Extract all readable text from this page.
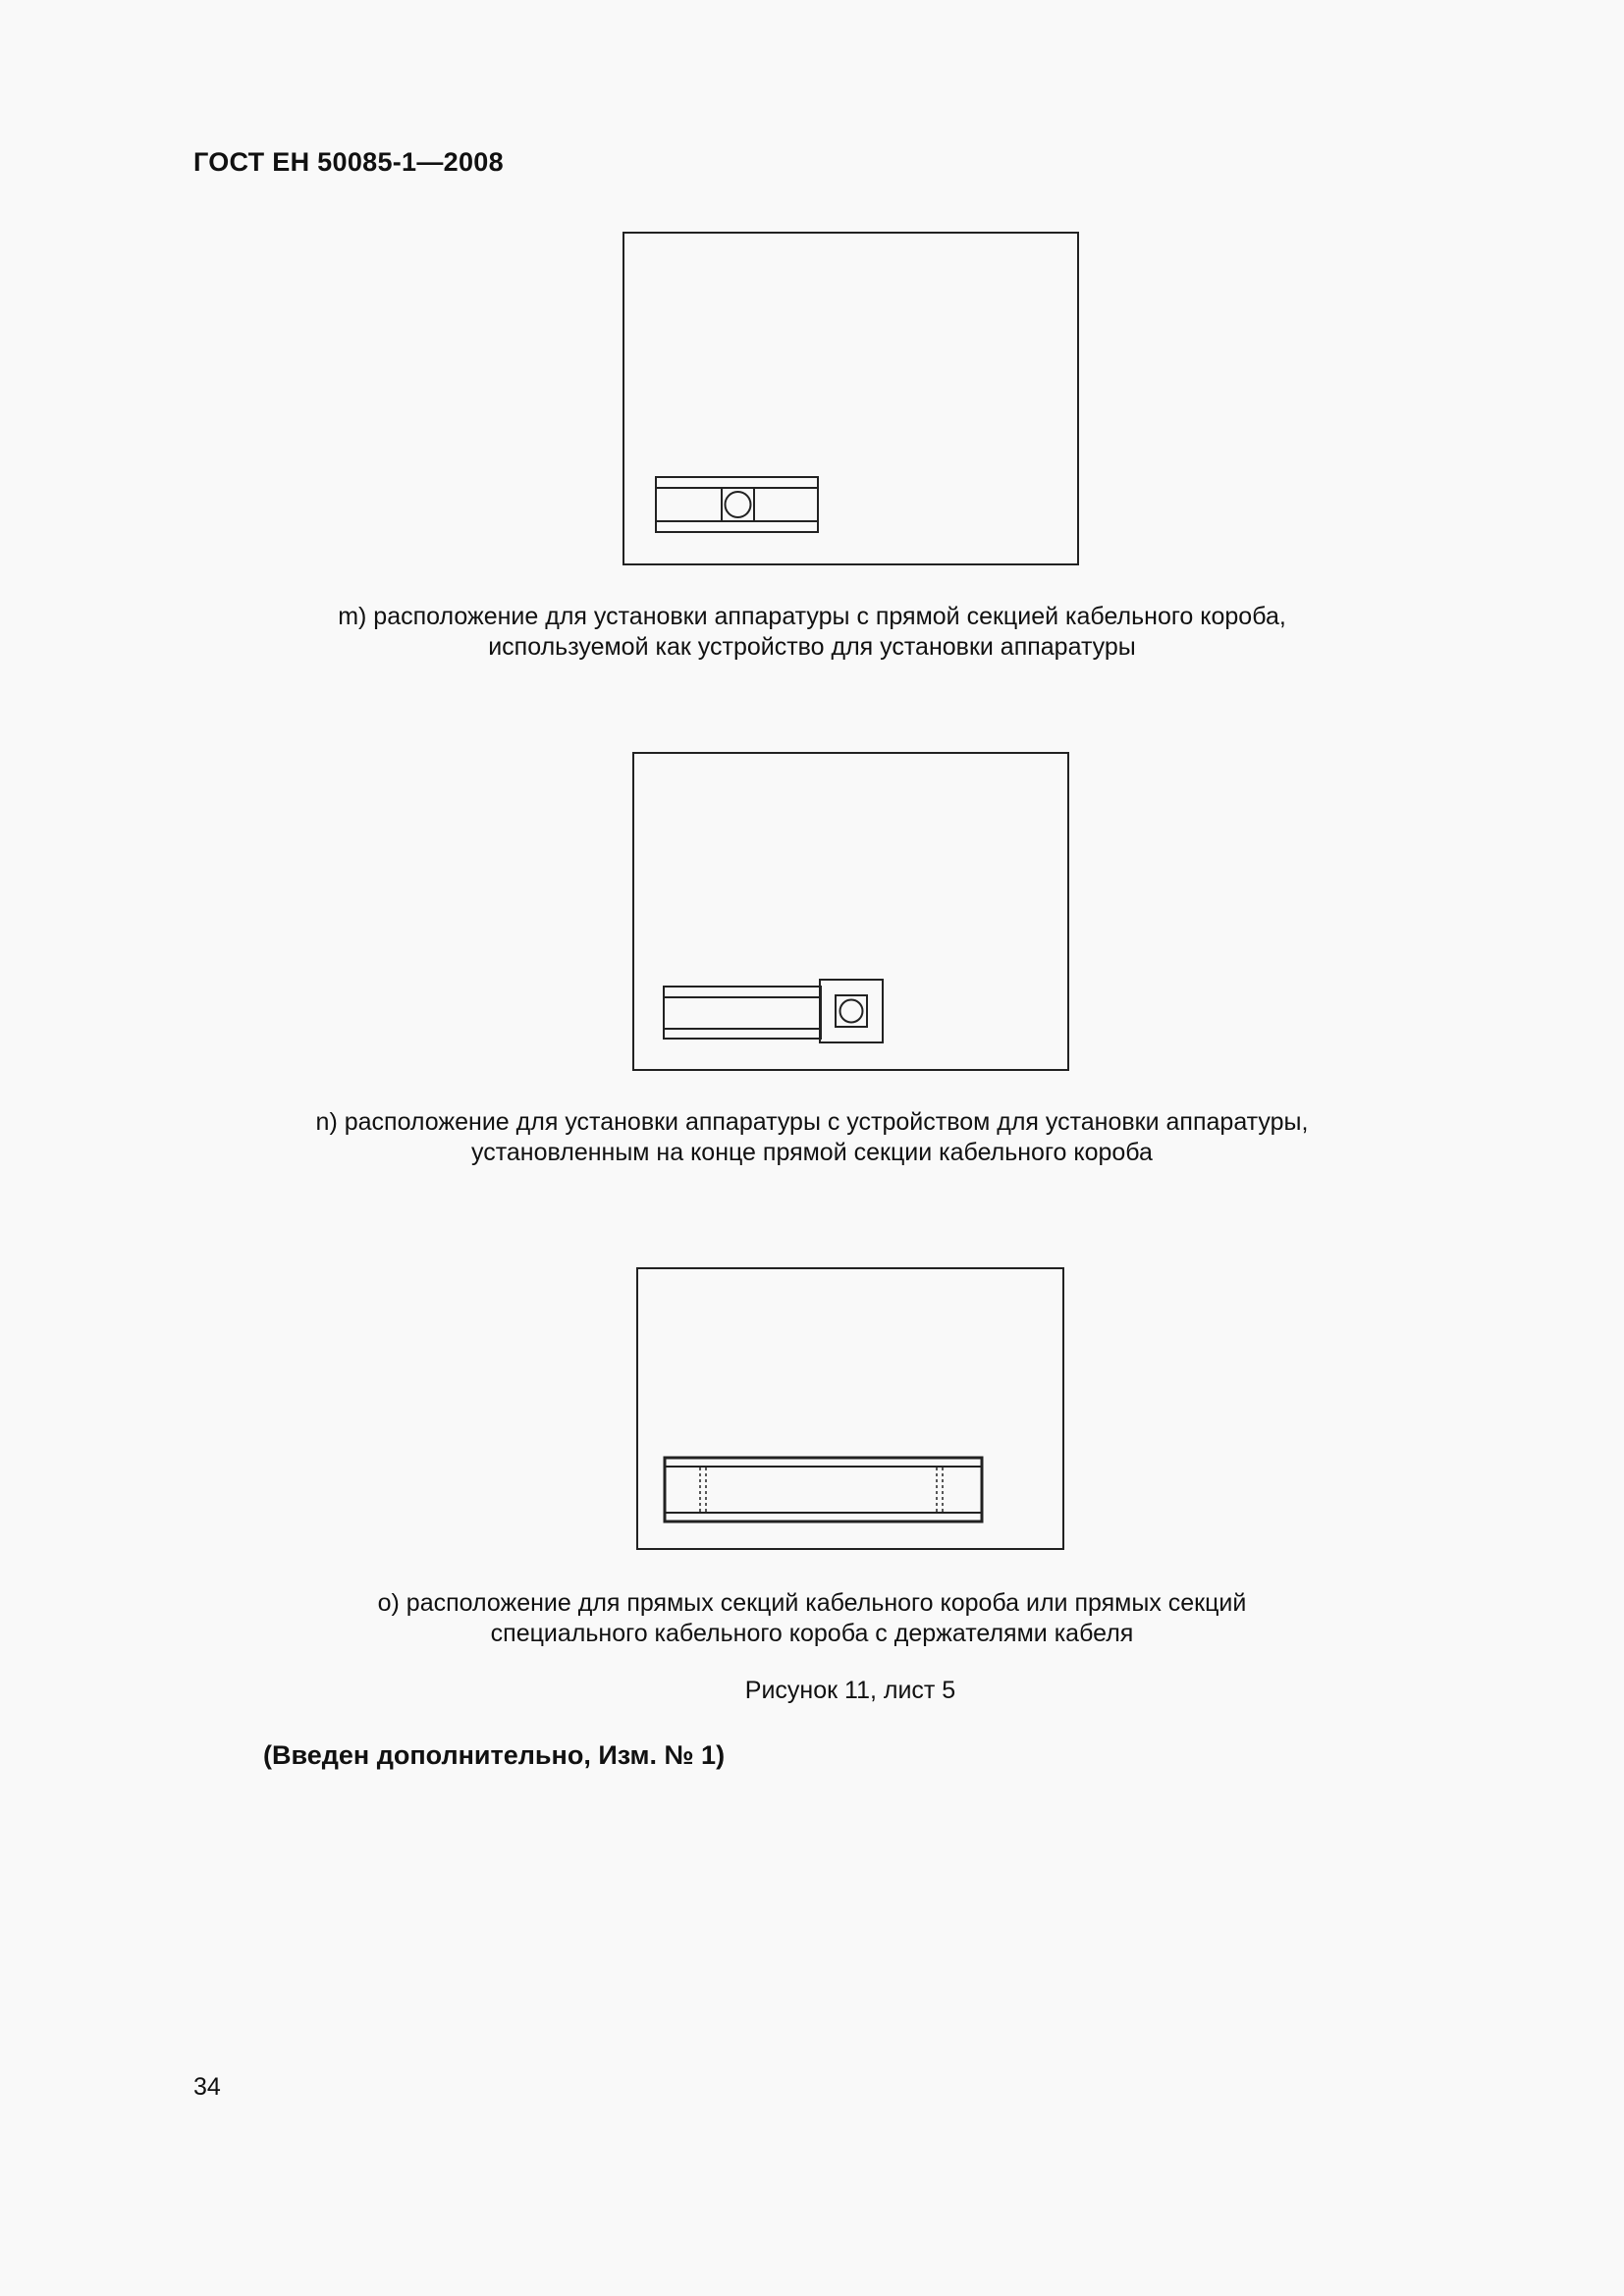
ГОСТ ЕН 50085-1—2008
m) расположение для установки аппаратуры с прямой секцией кабельного короба,
используемой как устройство для установки аппаратуры
n) расположение для установки аппаратуры с устройством для установки аппаратуры,
установленным на конце прямой секции кабельного короба
o) расположение для прямых секций кабельного короба или прямых секций
специального кабельного короба с держателями кабеля
Рисунок 11, лист 5
(Введен дополнительно, Изм. № 1)
34
